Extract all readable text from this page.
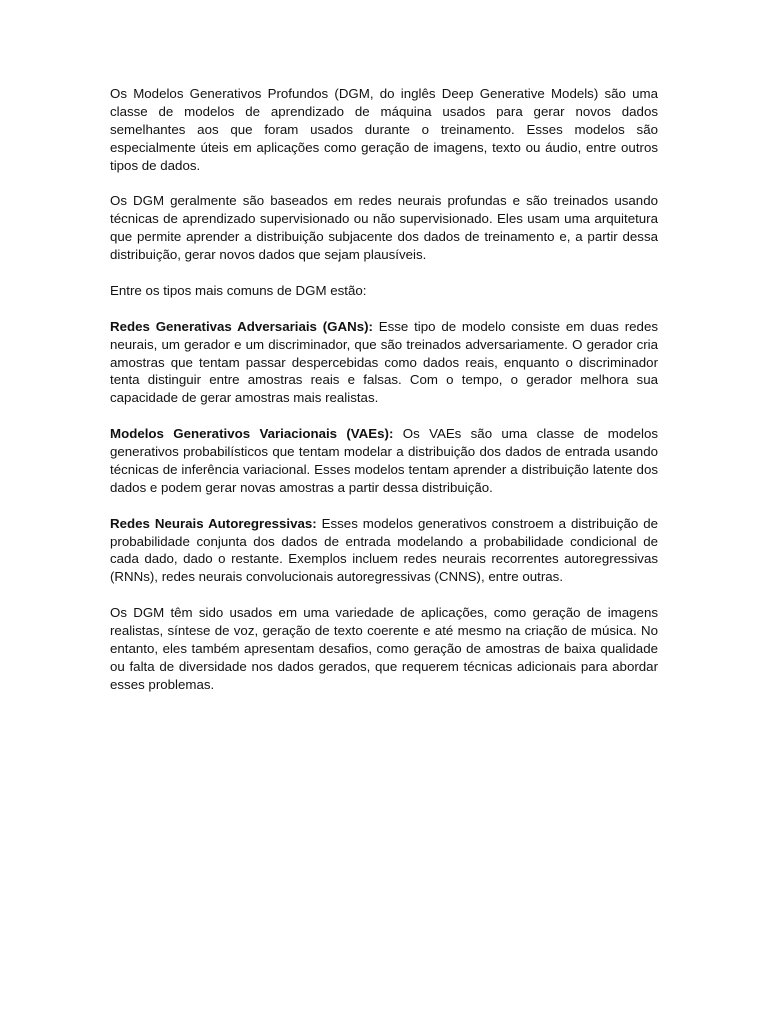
Os Modelos Generativos Profundos (DGM, do inglês Deep Generative Models) são uma classe de modelos de aprendizado de máquina usados para gerar novos dados semelhantes aos que foram usados durante o treinamento. Esses modelos são especialmente úteis em aplicações como geração de imagens, texto ou áudio, entre outros tipos de dados.

Os DGM geralmente são baseados em redes neurais profundas e são treinados usando técnicas de aprendizado supervisionado ou não supervisionado. Eles usam uma arquitetura que permite aprender a distribuição subjacente dos dados de treinamento e, a partir dessa distribuição, gerar novos dados que sejam plausíveis.

Entre os tipos mais comuns de DGM estão:

Redes Generativas Adversariais (GANs): Esse tipo de modelo consiste em duas redes neurais, um gerador e um discriminador, que são treinados adversariamente. O gerador cria amostras que tentam passar despercebidas como dados reais, enquanto o discriminador tenta distinguir entre amostras reais e falsas. Com o tempo, o gerador melhora sua capacidade de gerar amostras mais realistas.

Modelos Generativos Variacionais (VAEs): Os VAEs são uma classe de modelos generativos probabilísticos que tentam modelar a distribuição dos dados de entrada usando técnicas de inferência variacional. Esses modelos tentam aprender a distribuição latente dos dados e podem gerar novas amostras a partir dessa distribuição.

Redes Neurais Autoregressivas: Esses modelos generativos constroem a distribuição de probabilidade conjunta dos dados de entrada modelando a probabilidade condicional de cada dado, dado o restante. Exemplos incluem redes neurais recorrentes autoregressivas (RNNs), redes neurais convolucionais autoregressivas (CNNS), entre outras.

Os DGM têm sido usados em uma variedade de aplicações, como geração de imagens realistas, síntese de voz, geração de texto coerente e até mesmo na criação de música. No entanto, eles também apresentam desafios, como geração de amostras de baixa qualidade ou falta de diversidade nos dados gerados, que requerem técnicas adicionais para abordar esses problemas.
